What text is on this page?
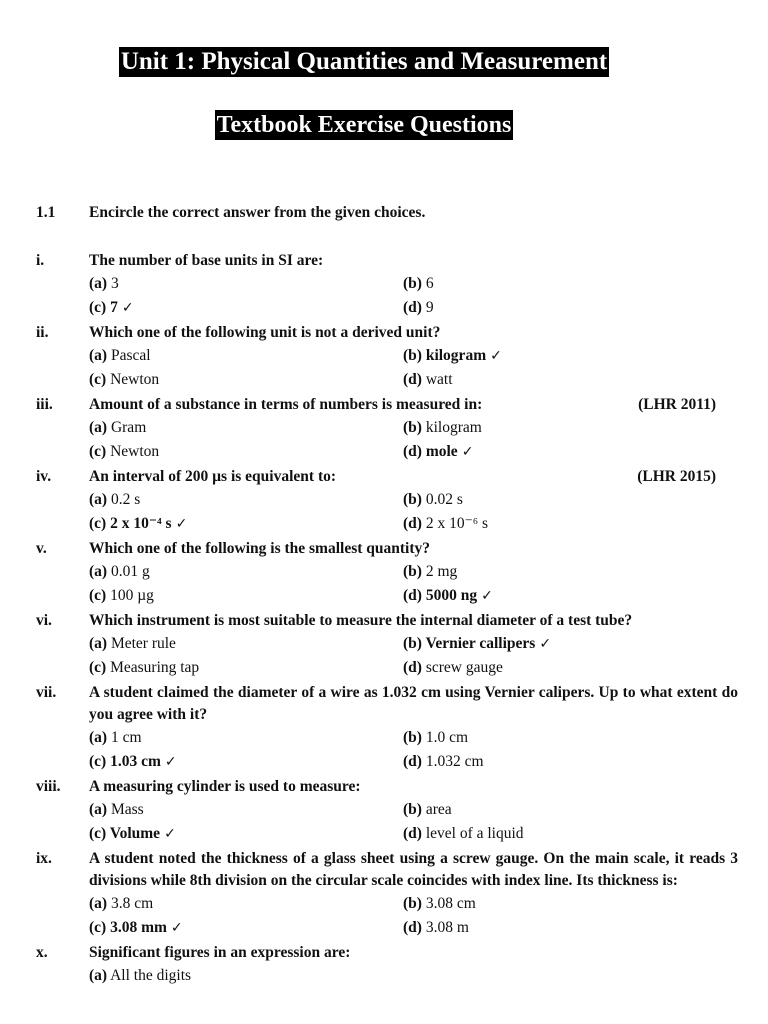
Unit 1: Physical Quantities and Measurement
Textbook Exercise Questions
1.1	Encircle the correct answer from the given choices.
i.	The number of base units in SI are:
(a) 3	(b) 6
(c) 7 ✓	(d) 9
ii.	Which one of the following unit is not a derived unit?
(a) Pascal	(b) kilogram ✓
(c) Newton	(d) watt
iii.	Amount of a substance in terms of numbers is measured in:	(LHR 2011)
(a) Gram	(b) kilogram
(c) Newton	(d) mole ✓
iv.	An interval of 200 µs is equivalent to:	(LHR 2015)
(a) 0.2 s	(b) 0.02 s
(c) 2 x 10⁻⁴ s ✓	(d) 2 x 10⁻⁶ s
v.	Which one of the following is the smallest quantity?
(a) 0.01 g	(b) 2 mg
(c) 100 µg	(d) 5000 ng ✓
vi.	Which instrument is most suitable to measure the internal diameter of a test tube?
(a) Meter rule	(b) Vernier callipers ✓
(c) Measuring tap	(d) screw gauge
vii.	A student claimed the diameter of a wire as 1.032 cm using Vernier calipers. Up to what extent do you agree with it?
(a) 1 cm	(b) 1.0 cm
(c) 1.03 cm ✓	(d) 1.032 cm
viii.	A measuring cylinder is used to measure:
(a) Mass	(b) area
(c) Volume ✓	(d) level of a liquid
ix.	A student noted the thickness of a glass sheet using a screw gauge. On the main scale, it reads 3 divisions while 8th division on the circular scale coincides with index line. Its thickness is:
(a) 3.8 cm	(b) 3.08 cm
(c) 3.08 mm ✓	(d) 3.08 m
x.	Significant figures in an expression are:
(a) All the digits
